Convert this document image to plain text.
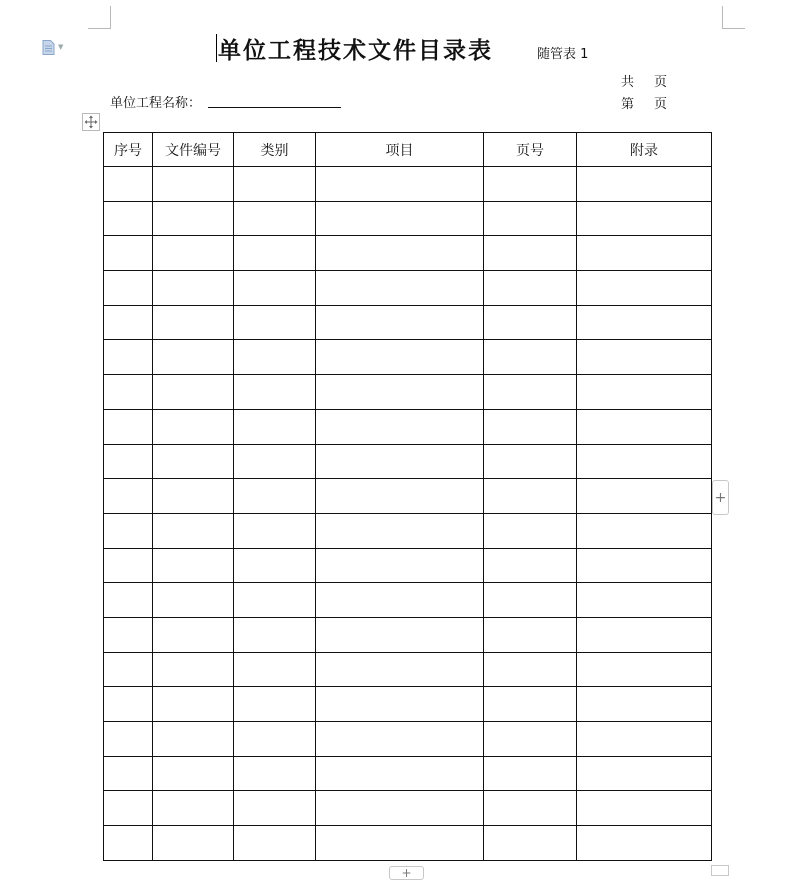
▼	单位工程技术文件目录表	随管表 1
共 页
第 页
单位工程名称：
序号	文件编号	类别	项目	页号	附录

+
+
